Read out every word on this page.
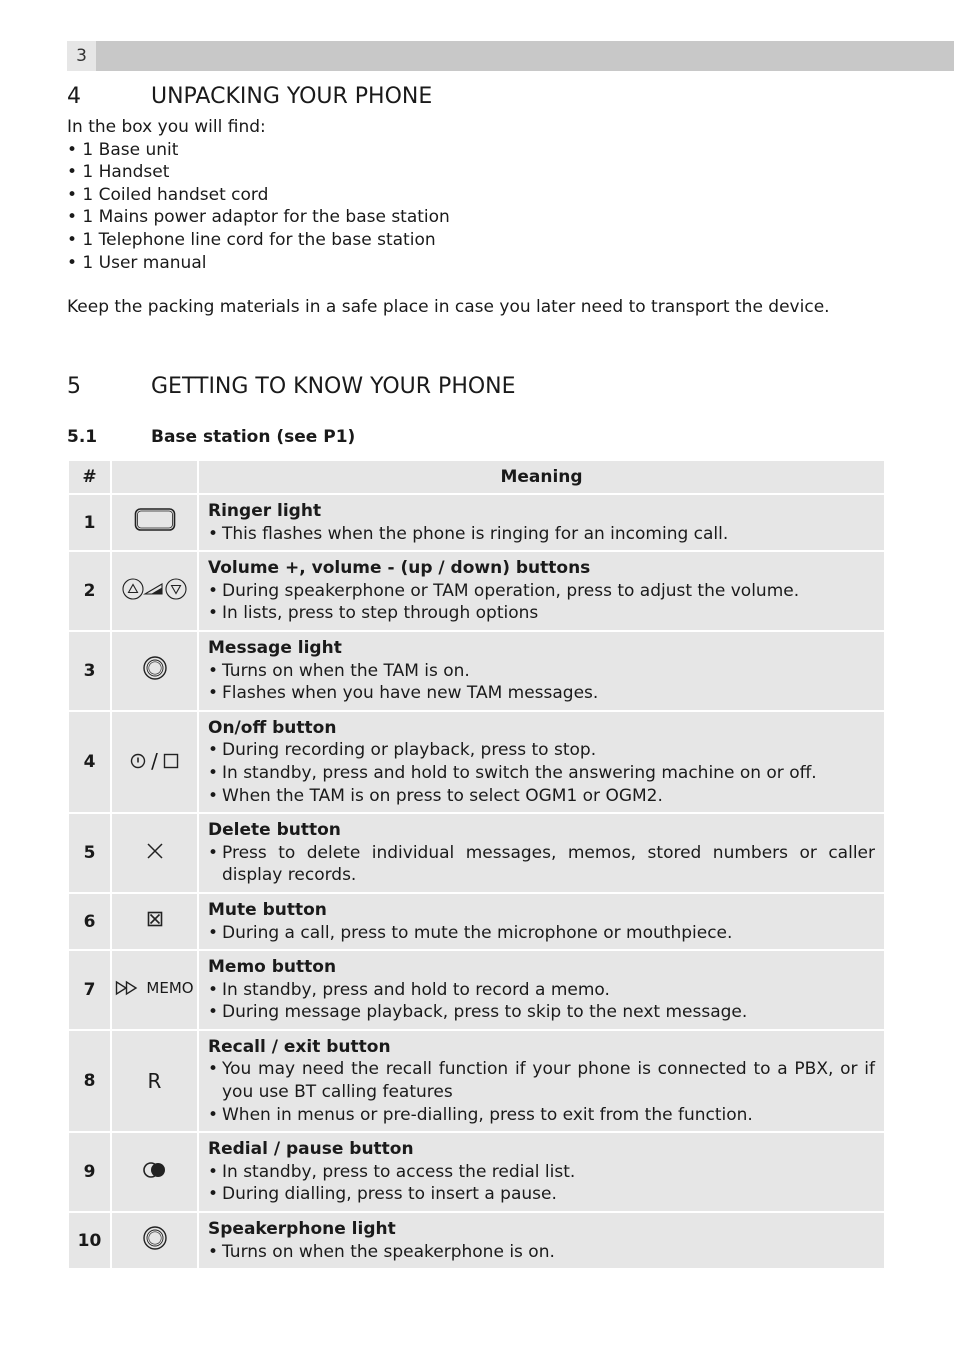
3
4	UNPACKING YOUR PHONE
In the box you will find:
• 1 Base unit
• 1 Handset
• 1 Coiled handset cord
• 1 Mains power adaptor for the base station
• 1 Telephone line cord for the base station
• 1 User manual
Keep the packing materials in a safe place in case you later need to transport the device.
5	GETTING TO KNOW YOUR PHONE
5.1	Base station (see P1)
#		Meaning
1		Ringer light
• This flashes when the phone is ringing for an incoming call.

2		Volume +, volume - (up / down) buttons
• During speakerphone or TAM operation, press to adjust the volume.
• In lists, press to step through options

3		Message light
• Turns on when the TAM is on.
• Flashes when you have new TAM messages.

4	/	On/off button
• During recording or playback, press to stop.
• In standby, press and hold to switch the answering machine on or off.
• When the TAM is on press to select OGM1 or OGM2.

5		Delete button
• Press to delete individual messages, memos, stored numbers or caller display records.

6		Mute button
• During a call, press to mute the microphone or mouthpiece.

7	MEMO	Memo button
• In standby, press and hold to record a memo.
• During message playback, press to skip to the next message.

8	R	Recall / exit button
• You may need the recall function if your phone is connected to a PBX, or if you use BT calling features
• When in menus or pre-dialling, press to exit from the function.

9		Redial / pause button
• In standby, press to access the redial list.
• During dialling, press to insert a pause.

10		Speakerphone light
• Turns on when the speakerphone is on.
